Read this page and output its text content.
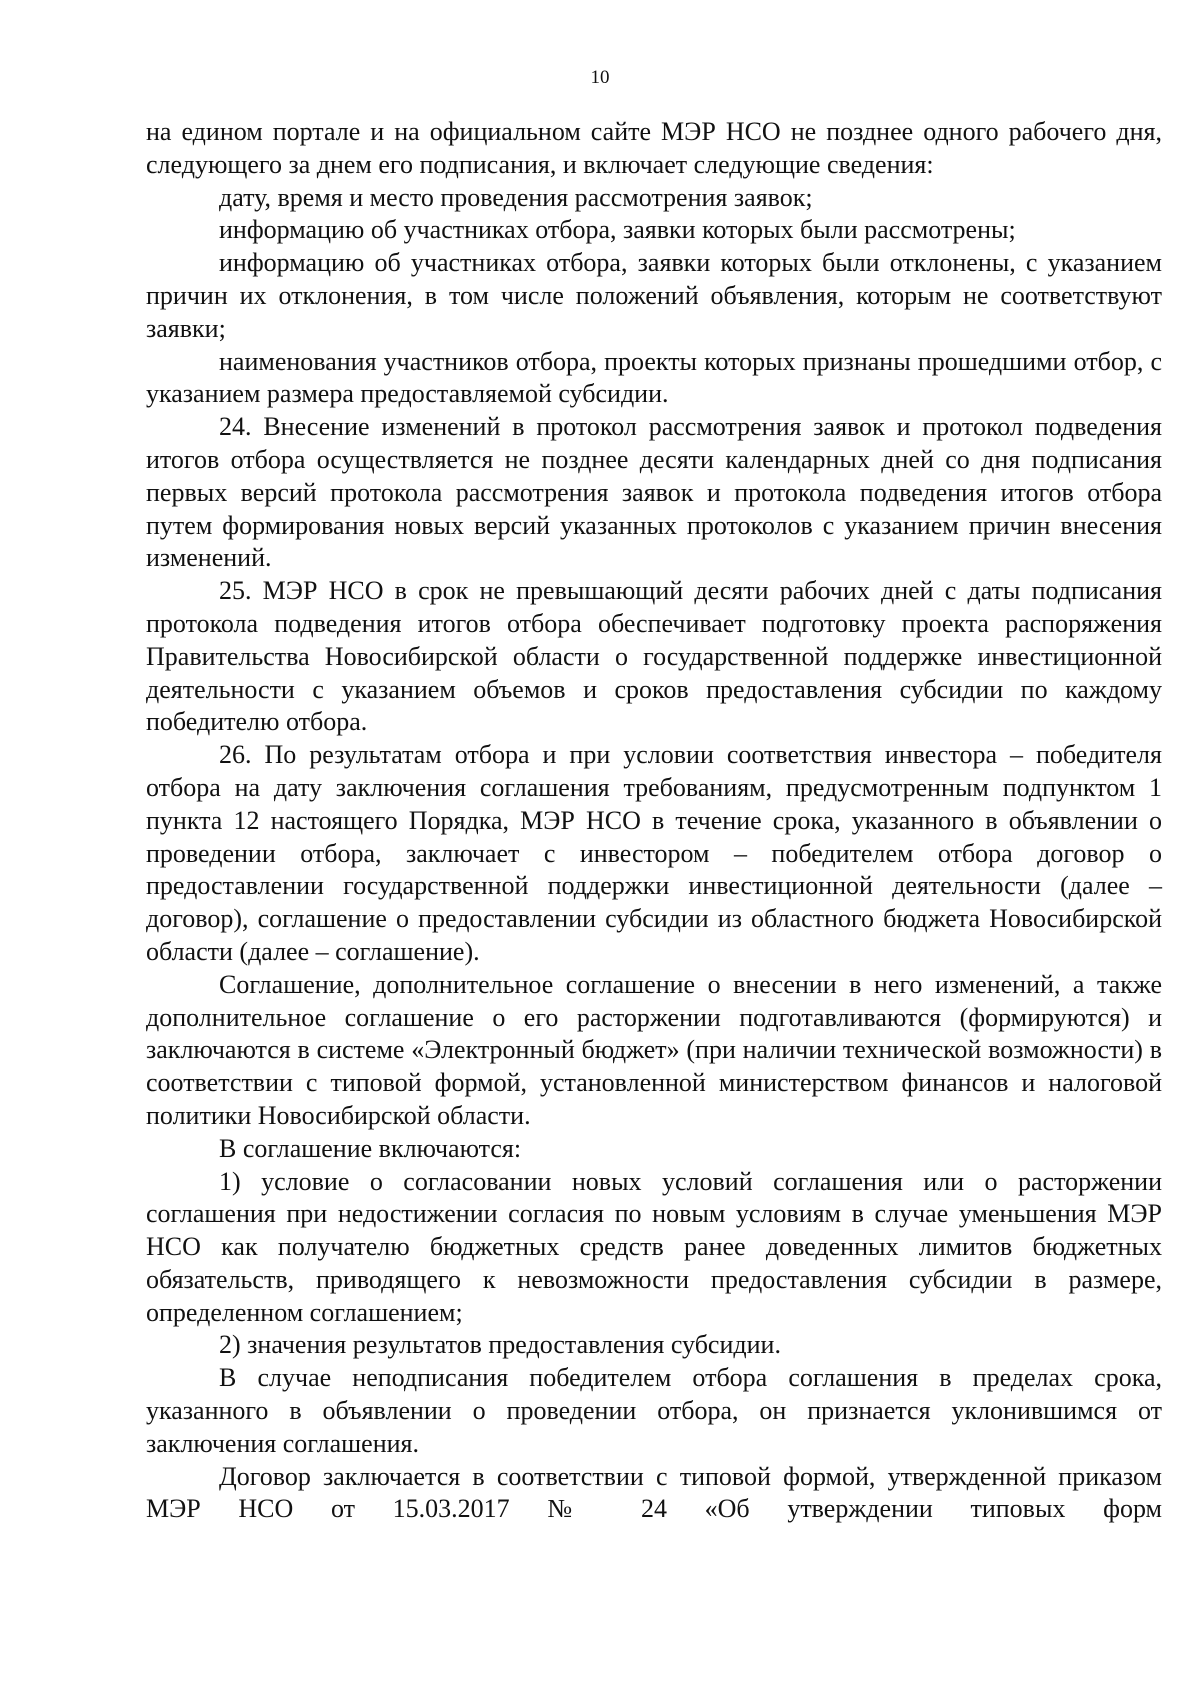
10

на едином портале и на официальном сайте МЭР НСО не позднее одного рабочего дня, следующего за днем его подписания, и включает следующие сведения:

дату, время и место проведения рассмотрения заявок;

информацию об участниках отбора, заявки которых были рассмотрены;

информацию об участниках отбора, заявки которых были отклонены, с указанием причин их отклонения, в том числе положений объявления, которым не соответствуют заявки;

наименования участников отбора, проекты которых признаны прошедшими отбор, с указанием размера предоставляемой субсидии.

24. Внесение изменений в протокол рассмотрения заявок и протокол подведения итогов отбора осуществляется не позднее десяти календарных дней со дня подписания первых версий протокола рассмотрения заявок и протокола подведения итогов отбора путем формирования новых версий указанных протоколов с указанием причин внесения изменений.

25. МЭР НСО в срок не превышающий десяти рабочих дней с даты подписания протокола подведения итогов отбора обеспечивает подготовку проекта распоряжения Правительства Новосибирской области о государственной поддержке инвестиционной деятельности с указанием объемов и сроков предоставления субсидии по каждому победителю отбора.

26. По результатам отбора и при условии соответствия инвестора – победителя отбора на дату заключения соглашения требованиям, предусмотренным подпунктом 1 пункта 12 настоящего Порядка, МЭР НСО в течение срока, указанного в объявлении о проведении отбора, заключает с инвестором – победителем отбора договор о предоставлении государственной поддержки инвестиционной деятельности (далее – договор), соглашение о предоставлении субсидии из областного бюджета Новосибирской области (далее – соглашение).

Соглашение, дополнительное соглашение о внесении в него изменений, а также дополнительное соглашение о его расторжении подготавливаются (формируются) и заключаются в системе «Электронный бюджет» (при наличии технической возможности) в соответствии с типовой формой, установленной министерством финансов и налоговой политики Новосибирской области.

В соглашение включаются:

1) условие о согласовании новых условий соглашения или о расторжении соглашения при недостижении согласия по новым условиям в случае уменьшения МЭР НСО как получателю бюджетных средств ранее доведенных лимитов бюджетных обязательств, приводящего к невозможности предоставления субсидии в размере, определенном соглашением;

2) значения результатов предоставления субсидии.

В случае неподписания победителем отбора соглашения в пределах срока, указанного в объявлении о проведении отбора, он признается уклонившимся от заключения соглашения.

Договор заключается в соответствии с типовой формой, утвержденной приказом МЭР НСО от 15.03.2017 № 24 «Об утверждении типовых форм
